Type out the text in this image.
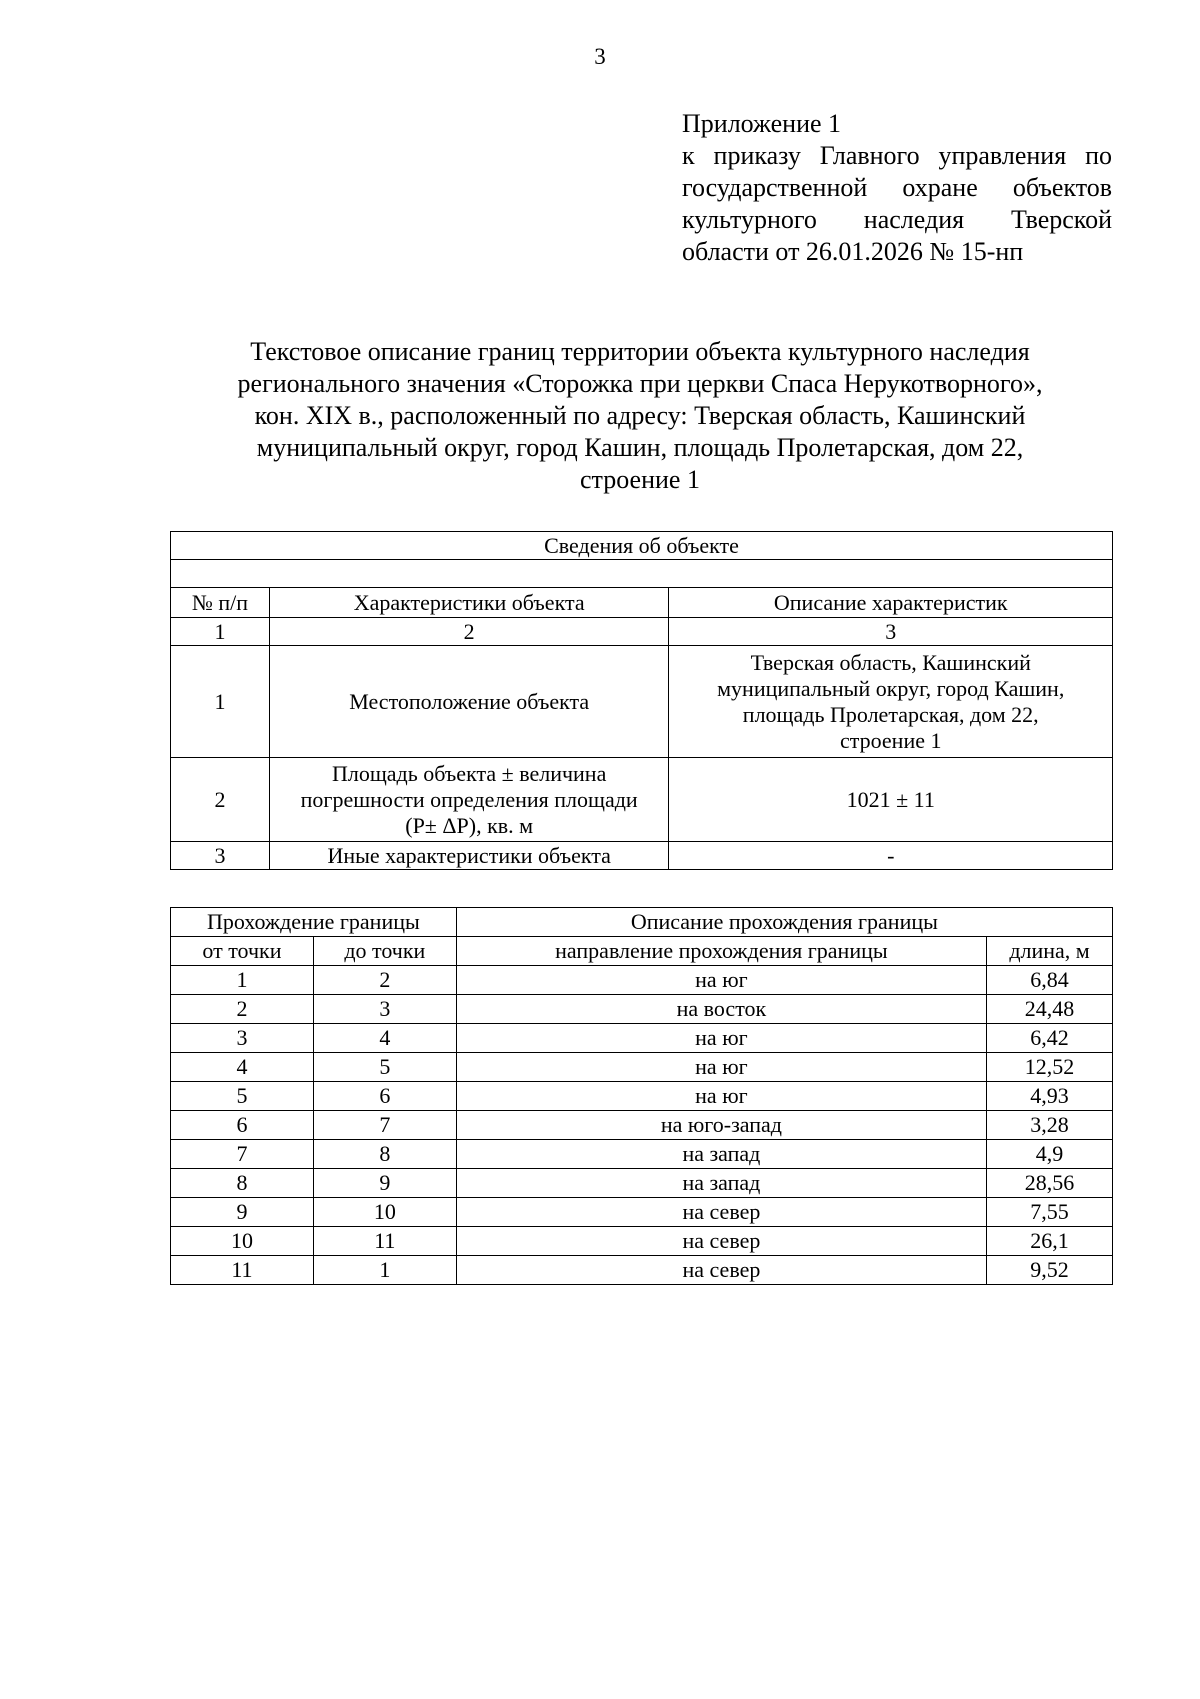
3
Приложение 1
к приказу Главного управления по
государственной охране объектов
культурного наследия Тверской
области от 26.01.2026 № 15-нп
Текстовое описание границ территории объекта культурного наследия
регионального значения «Сторожка при церкви Спаса Нерукотворного»,
кон. XIX в., расположенный по адресу: Тверская область, Кашинский
муниципальный округ, город Кашин, площадь Пролетарская, дом 22,
строение 1
Сведения об объекте		

№ п/п	Характеристики объекта	Описание характеристик
1	2	3
1	Местоположение объекта	Тверская область, Кашинский
муниципальный округ, город Кашин,
площадь Пролетарская, дом 22,
строение 1

2	Площадь объекта ± величина
погрешности определения площади
(Р± ΔР), кв. м	1021 ± 11

3	Иные характеристики объекта	-
Прохождение границы		Описание прохождения границы	
от точки	до точки	направление прохождения границы	длина, м
1	2	на юг	6,84
2	3	на восток	24,48
3	4	на юг	6,42
4	5	на юг	12,52
5	6	на юг	4,93
6	7	на юго-запад	3,28
7	8	на запад	4,9
8	9	на запад	28,56
9	10	на север	7,55
10	11	на север	26,1
11	1	на север	9,52
